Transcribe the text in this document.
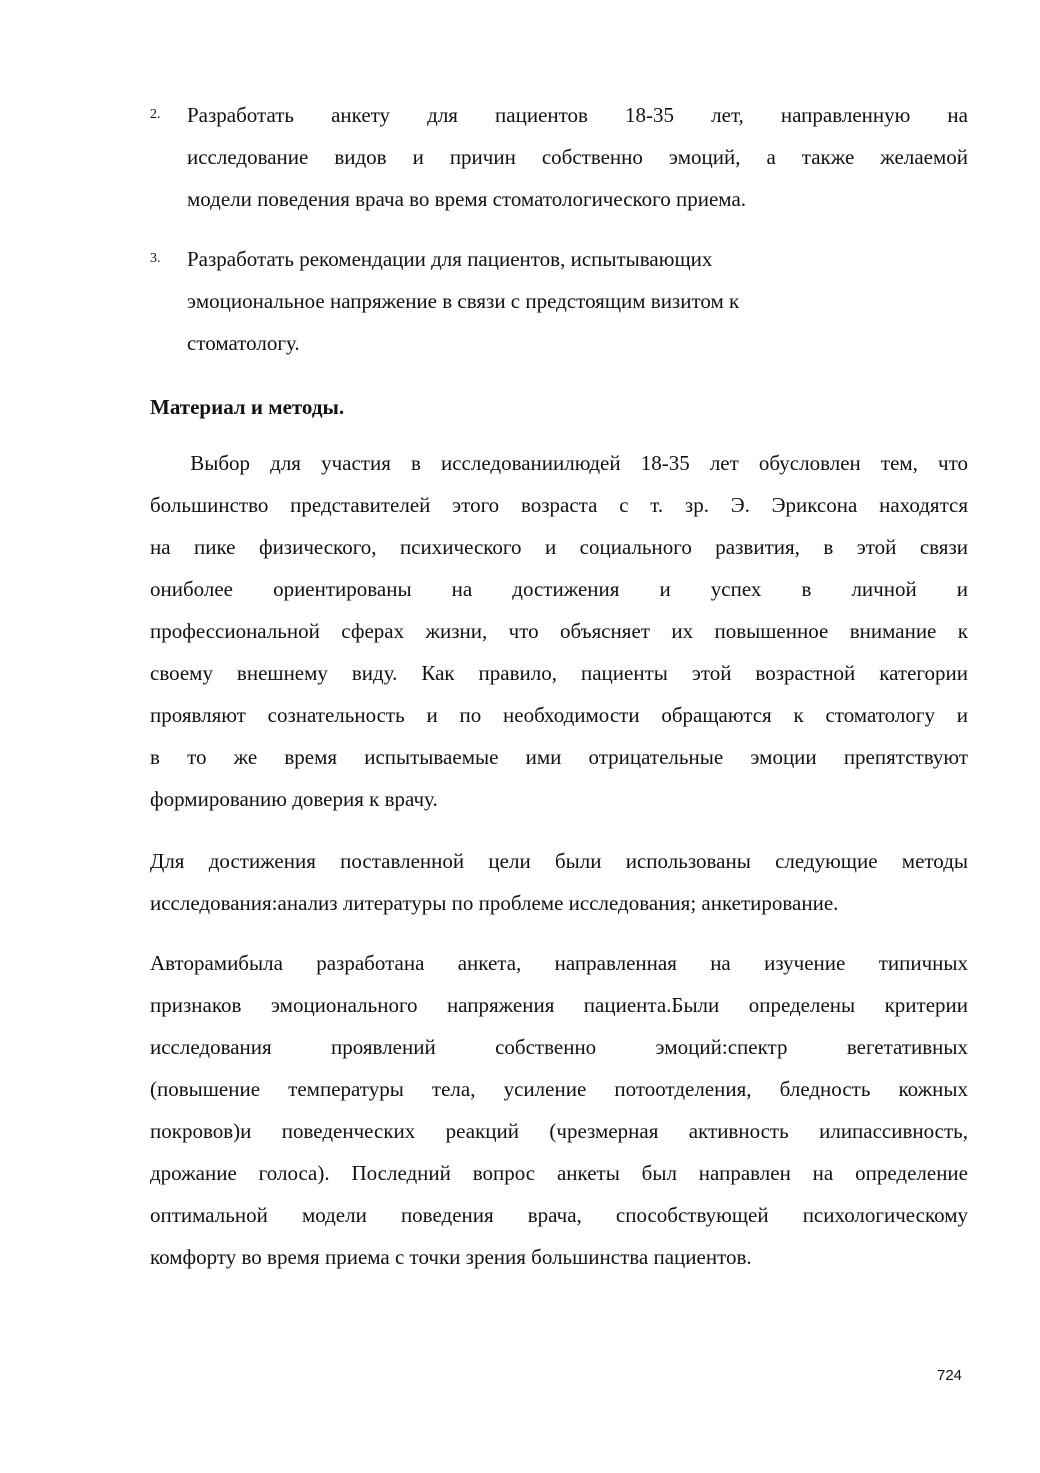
2. Разработать анкету для пациентов 18-35 лет, направленную на
исследование видов и причин собственно эмоций, а также желаемой
модели поведения врача во время стоматологического приема.
3. Разработать рекомендации для пациентов, испытывающих
эмоциональное напряжение в связи с предстоящим визитом к
стоматологу.
Материал и методы.
Выбор для участия в исследованиилюдей 18-35 лет обусловлен тем, что
большинство представителей этого возраста с т. зр. Э. Эриксона находятся
на пике физического, психического и социального развития, в этой связи
ониболее ориентированы на достижения и успех в личной и
профессиональной сферах жизни, что объясняет их повышенное внимание к
своему внешнему виду. Как правило, пациенты этой возрастной категории
проявляют сознательность и по необходимости обращаются к стоматологу и
в то же время испытываемые ими отрицательные эмоции препятствуют
формированию доверия к врачу.
Для достижения поставленной цели были использованы следующие методы
исследования:анализ литературы по проблеме исследования; анкетирование.
Авторамибыла разработана анкета, направленная на изучение типичных
признаков эмоционального напряжения пациента.Были определены критерии
исследования проявлений собственно эмоций:спектр вегетативных
(повышение температуры тела, усиление потоотделения, бледность кожных
покровов)и поведенческих реакций (чрезмерная активность илипассивность,
дрожание голоса). Последний вопрос анкеты был направлен на определение
оптимальной модели поведения врача, способствующей психологическому
комфорту во время приема с точки зрения большинства пациентов.
724
